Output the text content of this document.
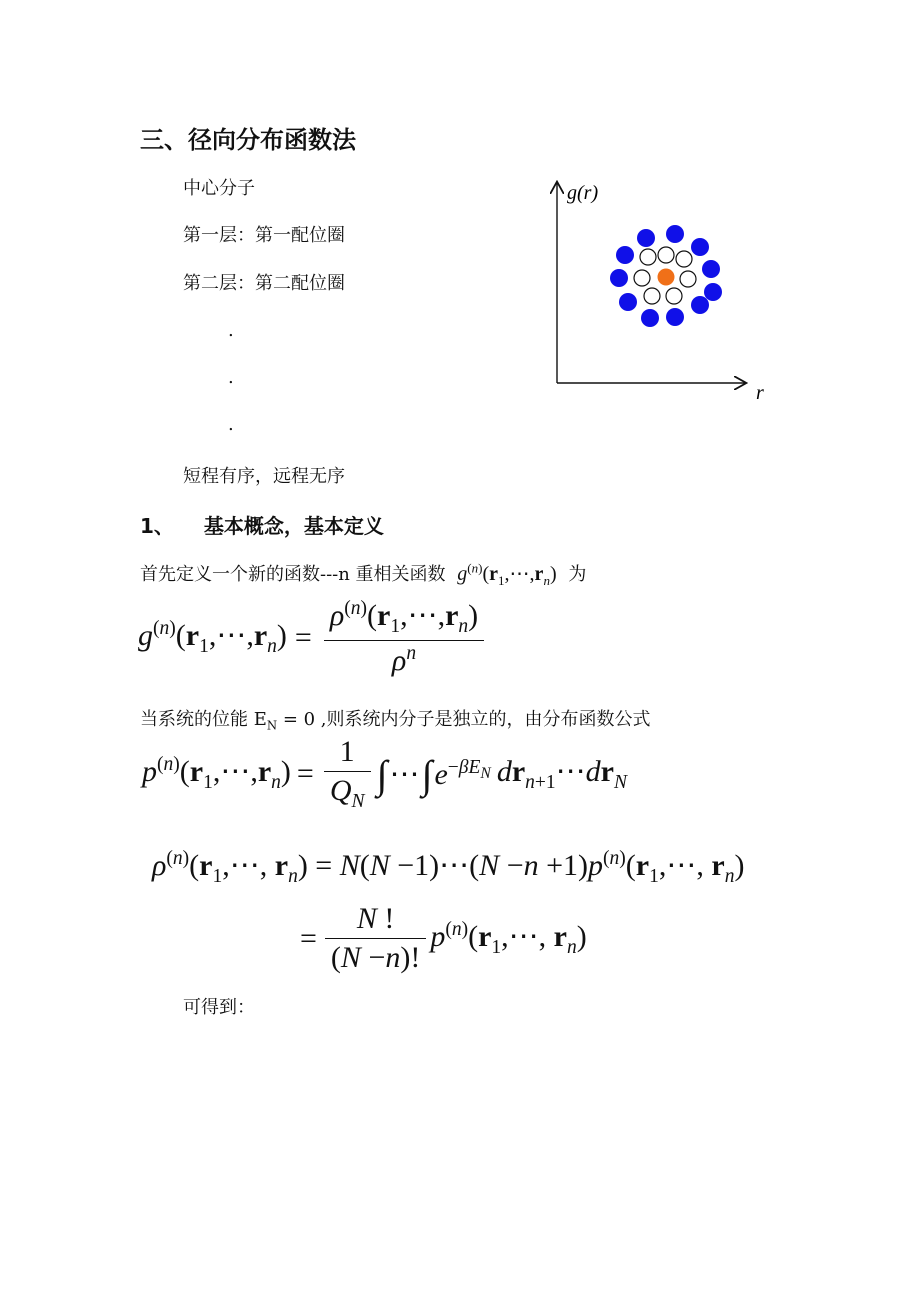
三、径向分布函数法
中心分子
第一层：第一配位圈
第二层：第二配位圈
.
.
.
短程有序，远程无序
g(r)
r
1、 基本概念，基本定义
首先定义一个新的函数---n 重相关函数 $g^{(n)}(r_1,\cdots,r_n)$ 为
$g^{(n)}(r_1,\cdots,r_n) = \frac{\rho^{(n)}(r_1,\cdots,r_n)}{\rho^n}$
当系统的位能 $E_N = 0$ ,则系统内分子是独立的，由分布函数公式
$p^{(n)}(r_1,\cdots,r_n) = \frac{1}{Q_N}$ ∫ ⋯ ∫ $e^{-\beta E_N}$ $dr_{n+1}\cdots dr_N$
$\rho^{(n)}(r_1,\cdots$, $r_n) = N(N$ −1)⋯(N $-n +1)p^{(n)}(r_1,\cdots$, $r_n$)
= $\frac{N !}{(N -n)!}$ $p^{(n)}(r_1,\cdots$, $r_n$)
可得到：
